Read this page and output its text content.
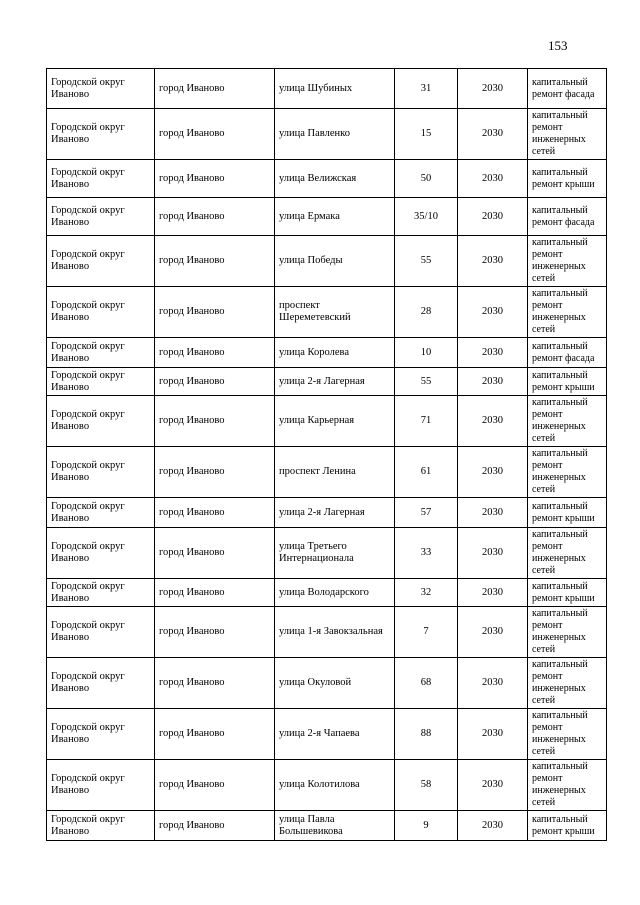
153
Городской округ Иваново	город Иваново	улица Шубиных	31	2030	капитальный ремонт фасада

Городской округ Иваново	город Иваново	улица Павленко	15	2030	капитальный ремонт инженерных сетей

Городской округ Иваново	город Иваново	улица Велижская	50	2030	капитальный ремонт крыши

Городской округ Иваново	город Иваново	улица Ермака	35/10	2030	капитальный ремонт фасада

Городской округ Иваново	город Иваново	улица Победы	55	2030	капитальный ремонт инженерных сетей

Городской округ Иваново	город Иваново	проспект Шереметевский	28	2030	капитальный ремонт инженерных сетей

Городской округ Иваново	город Иваново	улица Королева	10	2030	капитальный ремонт фасада

Городской округ Иваново	город Иваново	улица 2-я Лагерная	55	2030	капитальный ремонт крыши

Городской округ Иваново	город Иваново	улица Карьерная	71	2030	капитальный ремонт инженерных сетей

Городской округ Иваново	город Иваново	проспект Ленина	61	2030	капитальный ремонт инженерных сетей

Городской округ Иваново	город Иваново	улица 2-я Лагерная	57	2030	капитальный ремонт крыши

Городской округ Иваново	город Иваново	улица Третьего Интернационала	33	2030	капитальный ремонт инженерных сетей

Городской округ Иваново	город Иваново	улица Володарского	32	2030	капитальный ремонт крыши

Городской округ Иваново	город Иваново	улица 1-я Завокзальная	7	2030	капитальный ремонт инженерных сетей

Городской округ Иваново	город Иваново	улица Окуловой	68	2030	капитальный ремонт инженерных сетей

Городской округ Иваново	город Иваново	улица 2-я Чапаева	88	2030	капитальный ремонт инженерных сетей

Городской округ Иваново	город Иваново	улица Колотилова	58	2030	капитальный ремонт инженерных сетей

Городской округ Иваново	город Иваново	улица Павла Большевикова	9	2030	капитальный ремонт крыши
